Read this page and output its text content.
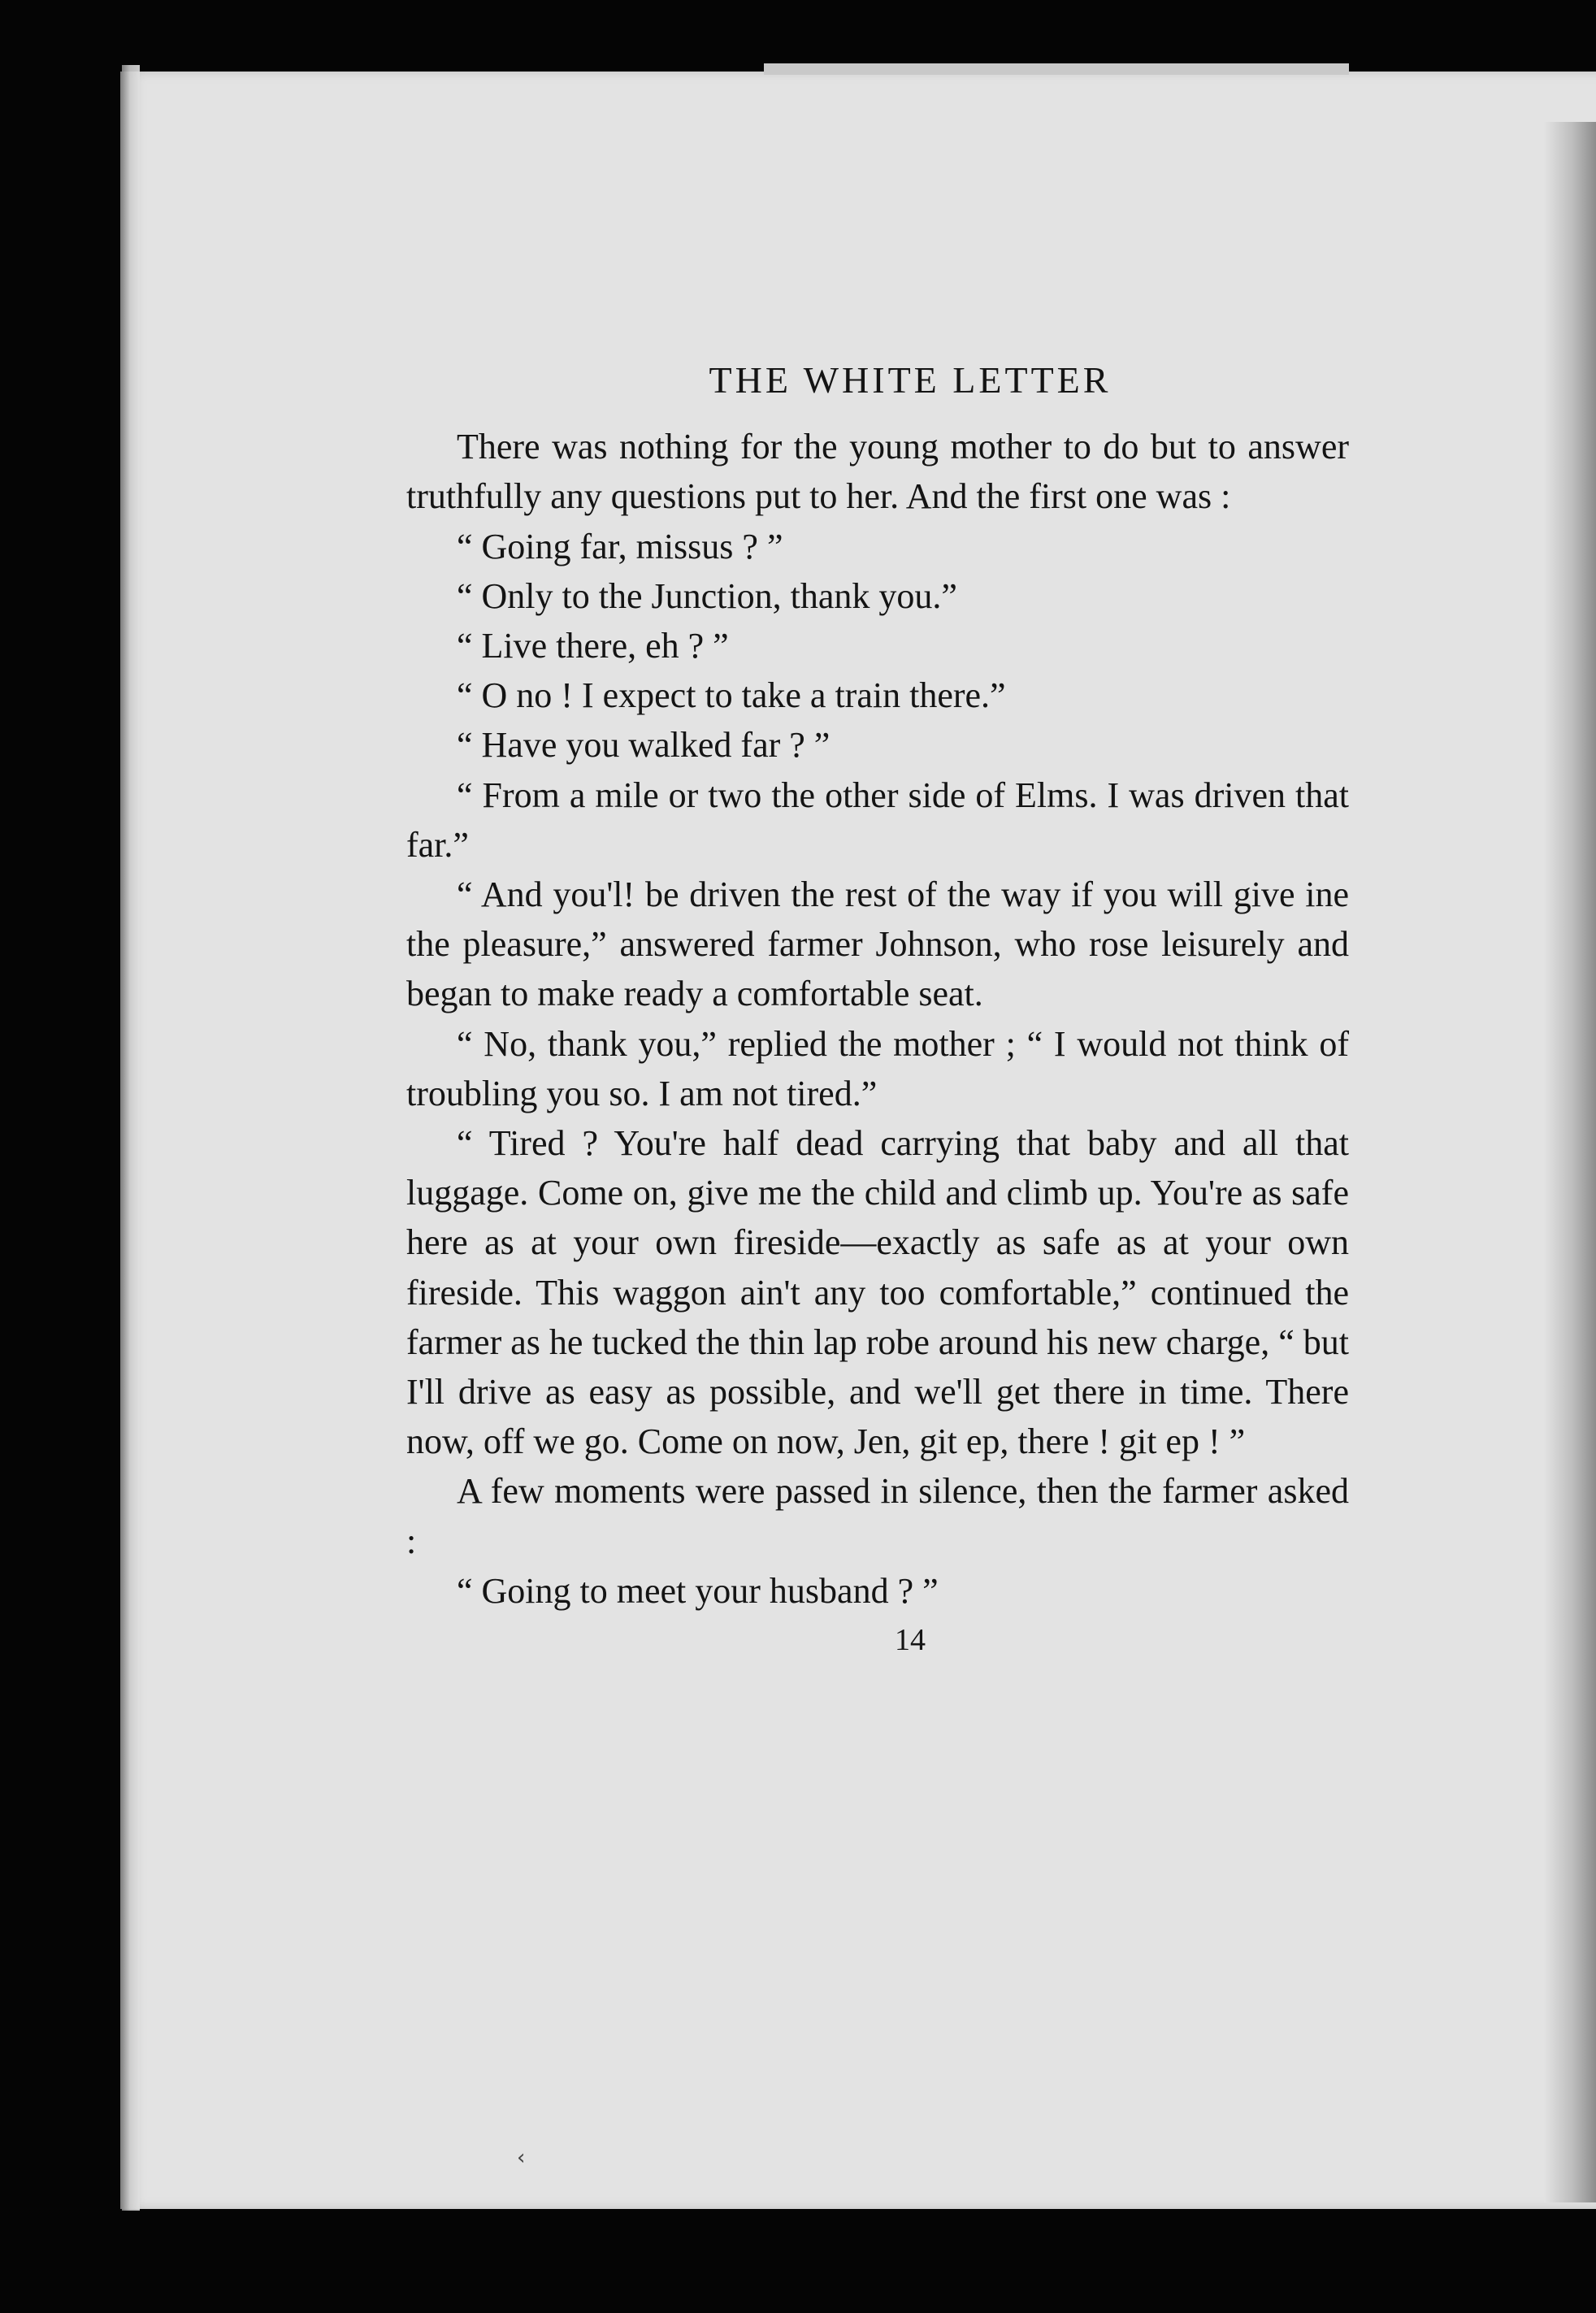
THE WHITE LETTER

There was nothing for the young mother to do but to answer truthfully any questions put to her. And the first one was :

“ Going far, missus ? ”

“ Only to the Junction, thank you.”

“ Live there, eh ? ”

“ O no ! I expect to take a train there.”

“ Have you walked far ? ”

“ From a mile or two the other side of Elms. I was driven that far.”

“ And you'l! be driven the rest of the way if you will give ine the pleasure,” answered farmer Johnson, who rose leisurely and began to make ready a comfortable seat.

“ No, thank you,” replied the mother ; “ I would not think of troubling you so. I am not tired.”

“ Tired ? You're half dead carrying that baby and all that luggage. Come on, give me the child and climb up. You're as safe here as at your own fireside—exactly as safe as at your own fireside. This waggon ain't any too comfortable,” continued the farmer as he tucked the thin lap robe around his new charge, “ but I'll drive as easy as possible, and we'll get there in time. There now, off we go. Come on now, Jen, git ep, there ! git ep ! ”

A few moments were passed in silence, then the farmer asked :

“ Going to meet your husband ? ”

14
‹
